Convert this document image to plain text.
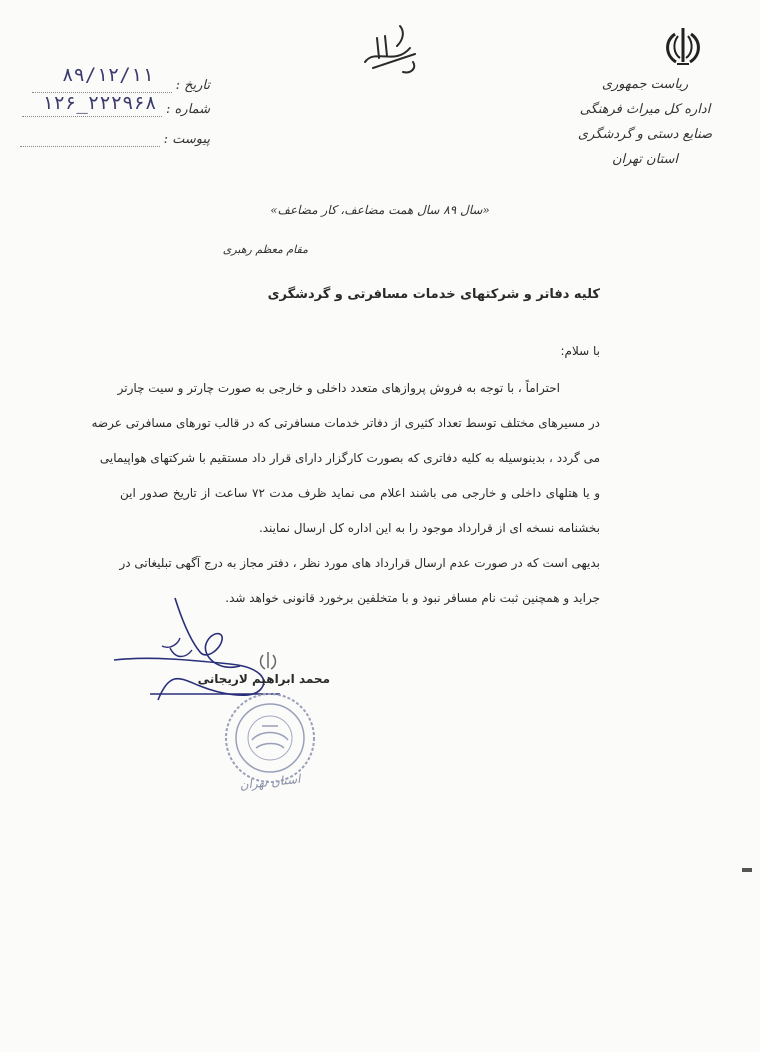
ریاست جمهوری
اداره کل میراث فرهنگی
صنایع دستی و گردشگری
استان تهران
تاریخ :
۸۹/۱۲/۱۱
شماره :
۱۲۶_۲۲۲۹۶۸
پیوست :
«سال ۸۹ سال همت مضاعف، کار مضاعف»
مقام معظم رهبری
کلیه دفاتر و شرکتهای خدمات مسافرتی و گردشگری
با سلام:
احتراماً ، با توجه به فروش پروازهای متعدد داخلی و خارجی به صورت چارتر و سیت چارتر
در مسیرهای مختلف توسط تعداد کثیری از دفاتر خدمات مسافرتی که در قالب تورهای مسافرتی عرضه
می گردد ، بدینوسیله به کلیه دفاتری که بصورت کارگزار دارای قرار داد مستقیم با شرکتهای هواپیمایی
و یا هتلهای داخلی و خارجی می باشند اعلام می نماید ظرف مدت ۷۲ ساعت از تاریخ صدور این
بخشنامه نسخه ای از قرارداد موجود را به این اداره کل ارسال نمایند.
بدیهی است که در صورت عدم ارسال قرارداد های مورد نظر ، دفتر مجاز به درج آگهی تبلیغاتی در
جراید و همچنین ثبت نام مسافر نبود و با متخلفین برخورد قانونی خواهد شد.
محمد ابراهیم لاریجانی
استان تهران
